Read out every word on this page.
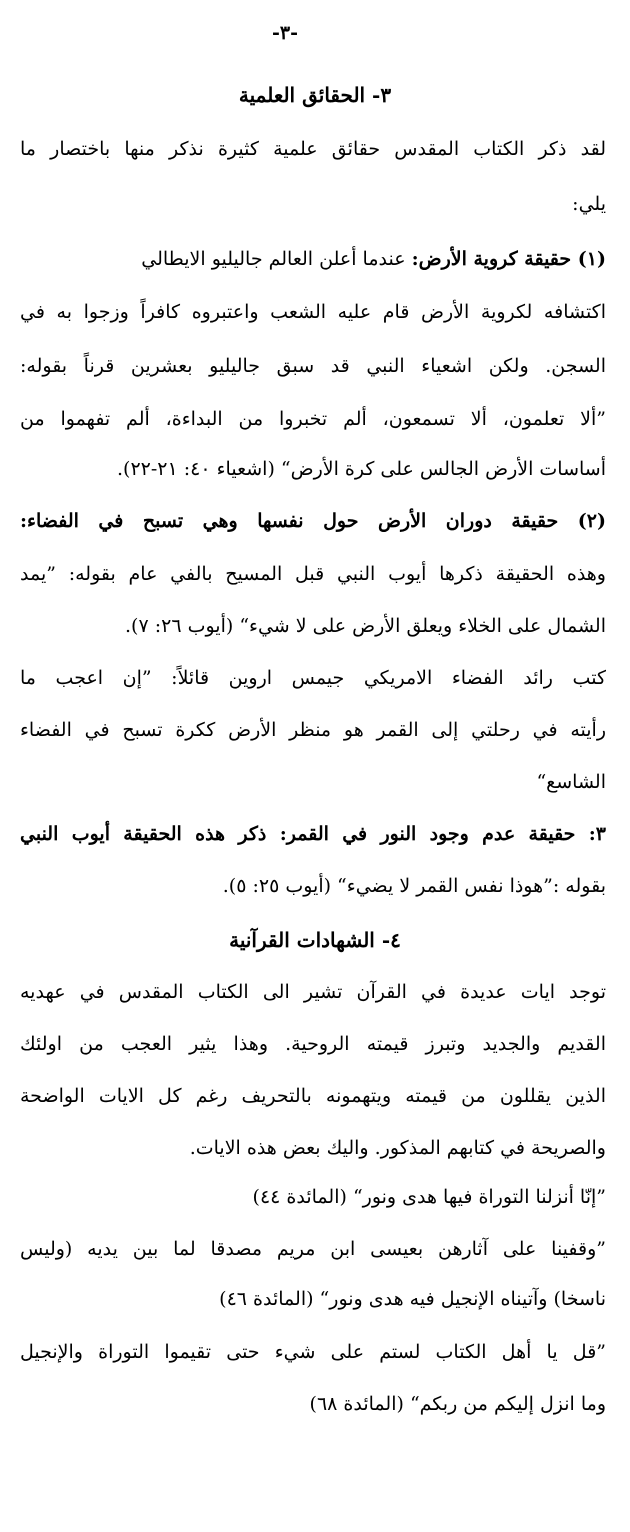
-٣-
٣- الحقائق العلمية
لقد ذكر الكتاب المقدس حقائق علمية كثيرة نذكر منها باختصار ما
يلي:
(١) حقيقة كروية الأرض: عندما أعلن العالم جاليليو الايطالي
اكتشافه لكروية الأرض قام عليه الشعب واعتبروه كافراً وزجوا به في
السجن. ولكن اشعياء النبي قد سبق جاليليو بعشرين قرناً بقوله:
”ألا تعلمون، ألا تسمعون، ألم تخبروا من البداءة، ألم تفهموا من
أساسات الأرض الجالس على كرة الأرض“ (اشعياء ٤٠: ٢١-٢٢).
(٢) حقيقة دوران الأرض حول نفسها وهي تسبح في الفضاء:
وهذه الحقيقة ذكرها أيوب النبي قبل المسيح بالفي عام بقوله: ”يمد
الشمال على الخلاء ويعلق الأرض على لا شيء“ (أيوب ٢٦: ٧).
كتب رائد الفضاء الامريكي جيمس اروين قائلاً: ”إن اعجب ما
رأيته في رحلتي إلى القمر هو منظر الأرض ككرة تسبح في الفضاء
الشاسع“
٣: حقيقة عدم وجود النور في القمر: ذكر هذه الحقيقة أيوب النبي
بقوله :”هوذا نفس القمر لا يضيء“ (أيوب ٢٥: ٥).
٤- الشهادات القرآنية
توجد ايات عديدة في القرآن تشير الى الكتاب المقدس في عهديه
القديم والجديد وتبرز قيمته الروحية. وهذا يثير العجب من اولئك
الذين يقللون من قيمته ويتهمونه بالتحريف رغم كل الايات الواضحة
والصريحة في كتابهم المذكور. واليك بعض هذه الايات.
”إنّا أنزلنا التوراة فيها هدى ونور“ (المائدة ٤٤)
”وقفينا على آثارهن بعيسى ابن مريم مصدقا لما بين يديه (وليس
ناسخا) وآتيناه الإنجيل فيه هدى ونور“ (المائدة ٤٦)
”قل يا أهل الكتاب لستم على شيء حتى تقيموا التوراة والإنجيل
وما انزل إليكم من ربكم“ (المائدة ٦٨)
